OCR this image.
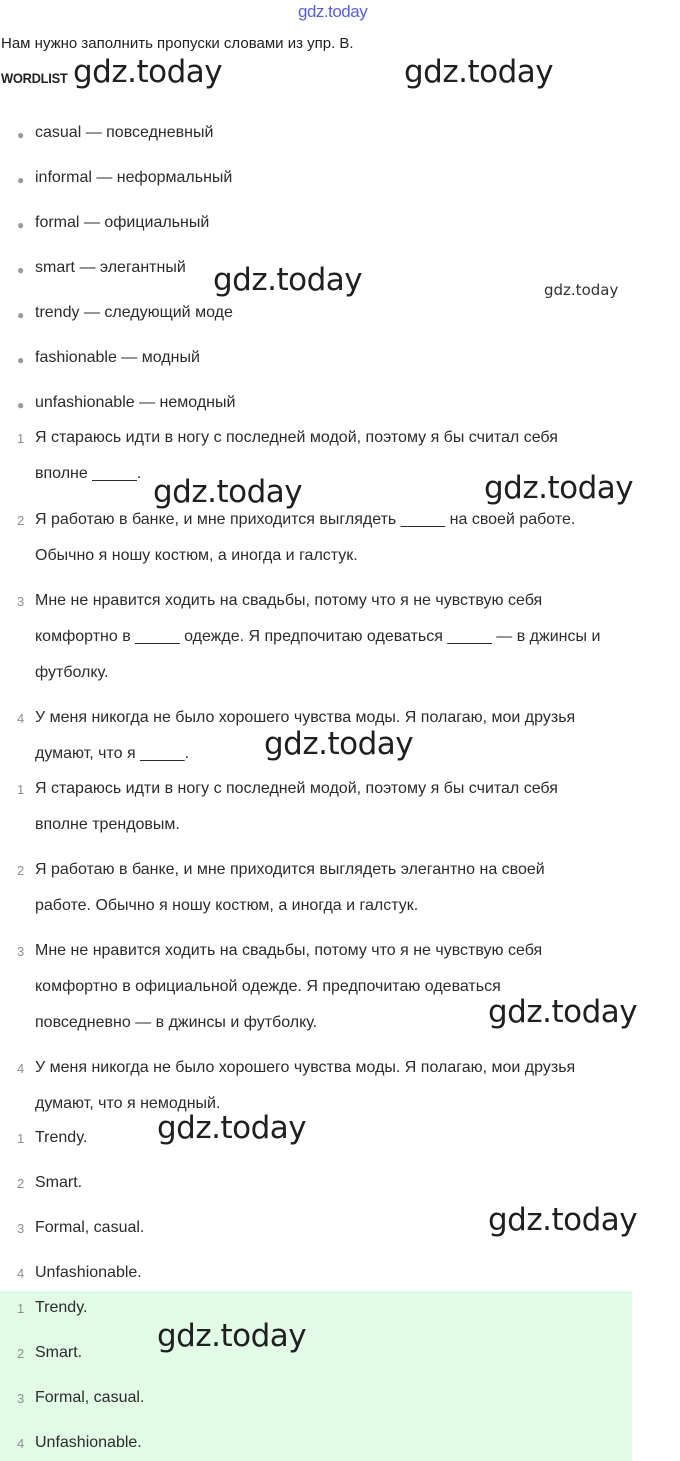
gdz.today
Нам нужно заполнить пропуски словами из упр. В.
WORDLIST
● casual — повседневный
● informal — неформальный
● formal — официальный
● smart — элегантный
● trendy — следующий моде
● fashionable — модный
● unfashionable — немодный
1 Я стараюсь идти в ногу с последней модой, поэтому я бы считал себя
вполне _____.
2 Я работаю в банке, и мне приходится выглядеть _____ на своей работе.
Обычно я ношу костюм, а иногда и галстук.
3 Мне не нравится ходить на свадьбы, потому что я не чувствую себя
комфортно в _____ одежде. Я предпочитаю одеваться _____ — в джинсы и
футболку.
4 У меня никогда не было хорошего чувства моды. Я полагаю, мои друзья
думают, что я _____.
1 Я стараюсь идти в ногу с последней модой, поэтому я бы считал себя
вполне трендовым.
2 Я работаю в банке, и мне приходится выглядеть элегантно на своей
работе. Обычно я ношу костюм, а иногда и галстук.
3 Мне не нравится ходить на свадьбы, потому что я не чувствую себя
комфортно в официальной одежде. Я предпочитаю одеваться
повседневно — в джинсы и футболку.
4 У меня никогда не было хорошего чувства моды. Я полагаю, мои друзья
думают, что я немодный.
1 Trendy.
2 Smart.
3 Formal, casual.
4 Unfashionable.
1 Trendy.
2 Smart.
3 Formal, casual.
4 Unfashionable.
gdz.today	gdz.today
gdz.today	gdz.today
gdz.today	gdz.today
gdz.today
gdz.today
gdz.today
gdz.today
gdz.today
